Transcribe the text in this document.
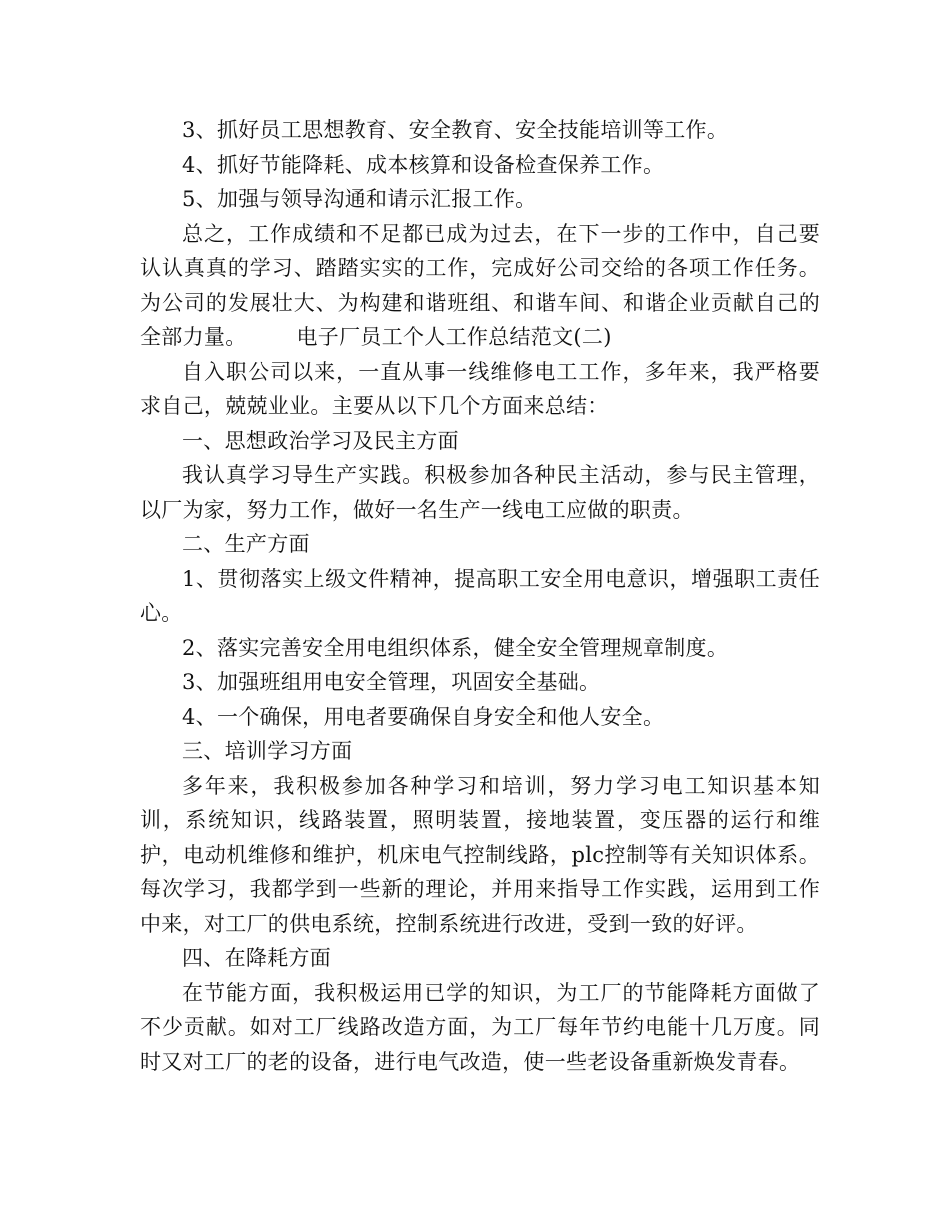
3、抓好员工思想教育、安全教育、安全技能培训等工作。

4、抓好节能降耗、成本核算和设备检查保养工作。

5、加强与领导沟通和请示汇报工作。

总之，工作成绩和不足都已成为过去，在下一步的工作中，自己要认认真真的学习、踏踏实实的工作，完成好公司交给的各项工作任务。为公司的发展壮大、为构建和谐班组、和谐车间、和谐企业贡献自己的全部力量。 电子厂员工个人工作总结范文(二)

自入职公司以来，一直从事一线维修电工工作，多年来，我严格要求自己，兢兢业业。主要从以下几个方面来总结：

一、思想政治学习及民主方面

我认真学习导生产实践。积极参加各种民主活动，参与民主管理，以厂为家，努力工作，做好一名生产一线电工应做的职责。

二、生产方面

1、贯彻落实上级文件精神，提高职工安全用电意识，增强职工责任心。

2、落实完善安全用电组织体系，健全安全管理规章制度。

3、加强班组用电安全管理，巩固安全基础。

4、一个确保，用电者要确保自身安全和他人安全。

三、培训学习方面

多年来，我积极参加各种学习和培训，努力学习电工知识基本知训，系统知识，线路装置，照明装置，接地装置，变压器的运行和维护，电动机维修和维护，机床电气控制线路，plc控制等有关知识体系。每次学习，我都学到一些新的理论，并用来指导工作实践，运用到工作中来，对工厂的供电系统，控制系统进行改进，受到一致的好评。

四、在降耗方面

在节能方面，我积极运用已学的知识，为工厂的节能降耗方面做了不少贡献。如对工厂线路改造方面，为工厂每年节约电能十几万度。同时又对工厂的老的设备，进行电气改造，使一些老设备重新焕发青春。
